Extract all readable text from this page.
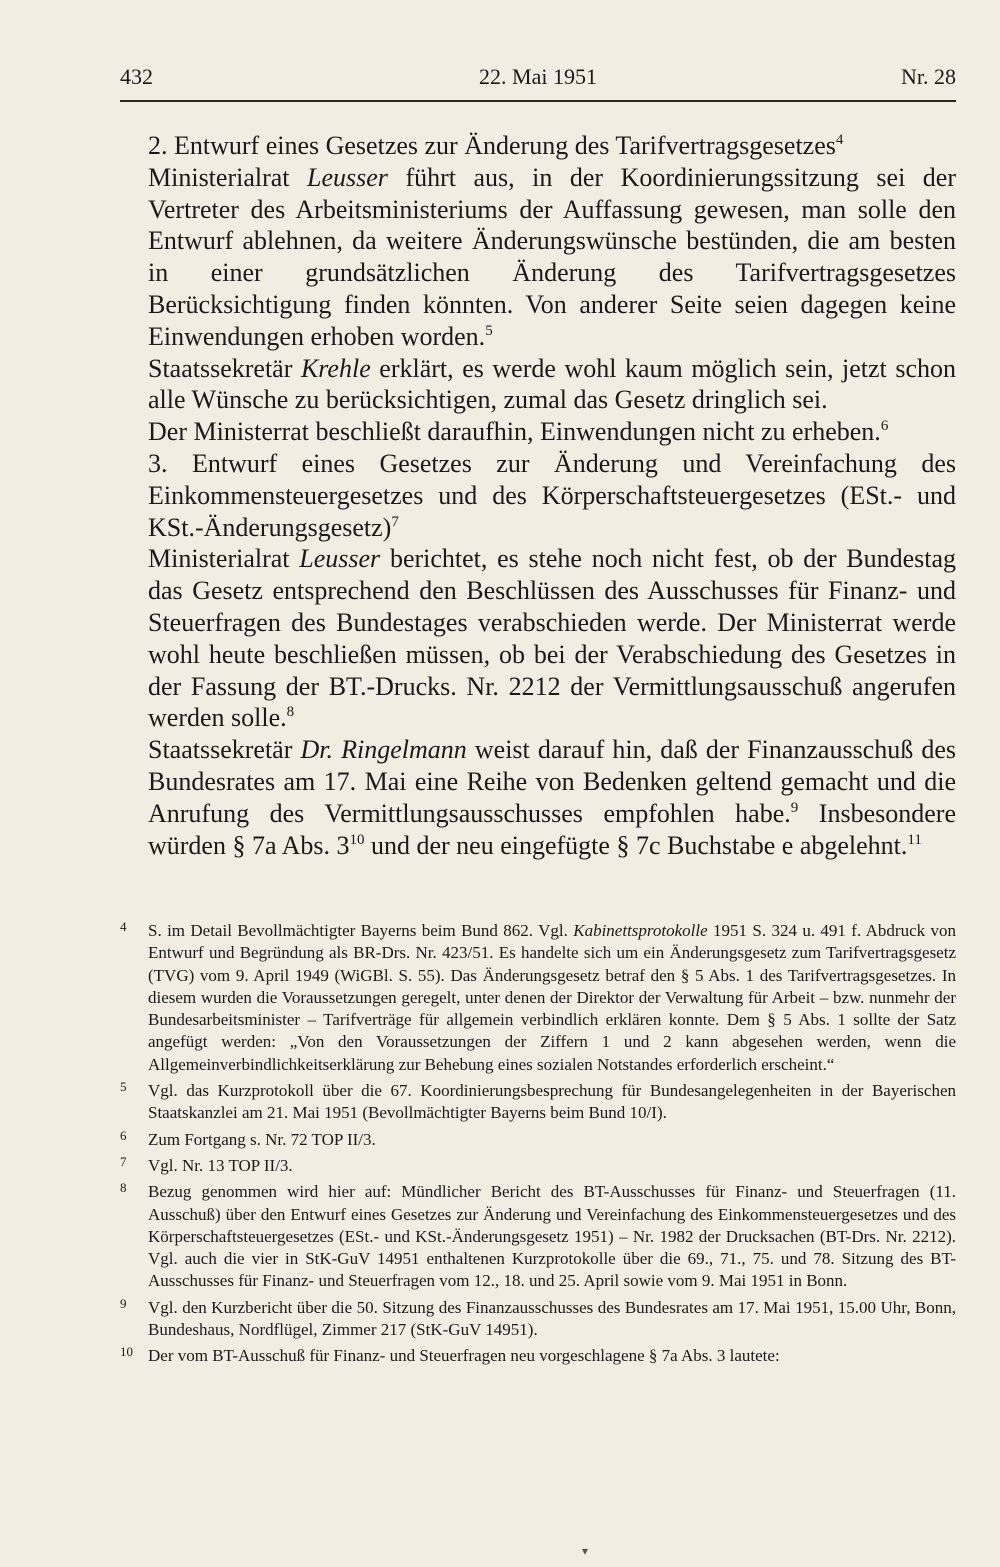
432	22. Mai 1951	Nr. 28

2. Entwurf eines Gesetzes zur Änderung des Tarifvertragsgesetzes$^4$

Ministerialrat Leusser führt aus, in der Koordinierungssitzung sei der Vertreter des Arbeitsministeriums der Auffassung gewesen, man solle den Entwurf ablehnen, da weitere Änderungswünsche bestünden, die am besten in einer grundsätzlichen Änderung des Tarifvertragsgesetzes Berücksichtigung finden könnten. Von anderer Seite seien dagegen keine Einwendungen erhoben worden.$^5$

Staatssekretär Krehle erklärt, es werde wohl kaum möglich sein, jetzt schon alle Wünsche zu berücksichtigen, zumal das Gesetz dringlich sei.

Der Ministerrat beschließt daraufhin, Einwendungen nicht zu erheben.$^6$

3. Entwurf eines Gesetzes zur Änderung und Vereinfachung des Einkommensteuergesetzes und des Körperschaftsteuergesetzes (ESt.- und KSt.-Änderungsgesetz)$^7$

Ministerialrat Leusser berichtet, es stehe noch nicht fest, ob der Bundestag das Gesetz entsprechend den Beschlüssen des Ausschusses für Finanz- und Steuerfragen des Bundestages verabschieden werde. Der Ministerrat werde wohl heute beschließen müssen, ob bei der Verabschiedung des Gesetzes in der Fassung der BT.-Drucks. Nr. 2212 der Vermittlungsausschuß angerufen werden solle.$^8$

Staatssekretär Dr. Ringelmann weist darauf hin, daß der Finanzausschuß des Bundesrates am 17. Mai eine Reihe von Bedenken geltend gemacht und die Anrufung des Vermittlungsausschusses empfohlen habe.$^9$ Insbesondere würden § 7a Abs. $3^{10}$ und der neu eingefügte § 7c Buchstabe e abgelehnt.$^{11}$

4 S. im Detail Bevollmächtigter Bayerns beim Bund 862. Vgl. Kabinettsprotokolle 1951 S. 324 u. 491 f. Abdruck von Entwurf und Begründung als BR-Drs. Nr. 423/51. Es handelte sich um ein Änderungsgesetz zum Tarifvertragsgesetz (TVG) vom 9. April 1949 (WiGBl. S. 55). Das Änderungsgesetz betraf den § 5 Abs. 1 des Tarifvertragsgesetzes. In diesem wurden die Voraussetzungen geregelt, unter denen der Direktor der Verwaltung für Arbeit – bzw. nunmehr der Bundesarbeitsminister – Tarifverträge für allgemein verbindlich erklären konnte. Dem § 5 Abs. 1 sollte der Satz angefügt werden: „Von den Voraussetzungen der Ziffern 1 und 2 kann abgesehen werden, wenn die Allgemeinverbindlichkeitserklärung zur Behebung eines sozialen Notstandes erforderlich erscheint.“
5 Vgl. das Kurzprotokoll über die 67. Koordinierungsbesprechung für Bundesangelegenheiten in der Bayerischen Staatskanzlei am 21. Mai 1951 (Bevollmächtigter Bayerns beim Bund 10/I).
6 Zum Fortgang s. Nr. 72 TOP II/3.
7 Vgl. Nr. 13 TOP II/3.
8 Bezug genommen wird hier auf: Mündlicher Bericht des BT-Ausschusses für Finanz- und Steuerfragen (11. Ausschuß) über den Entwurf eines Gesetzes zur Änderung und Vereinfachung des Einkommensteuergesetzes und des Körperschaftsteuergesetzes (ESt.- und KSt.-Änderungsgesetz 1951) – Nr. 1982 der Drucksachen (BT-Drs. Nr. 2212). Vgl. auch die vier in StK-GuV 14951 enthaltenen Kurzprotokolle über die 69., 71., 75. und 78. Sitzung des BT-Ausschusses für Finanz- und Steuerfragen vom 12., 18. und 25. April sowie vom 9. Mai 1951 in Bonn.
9 Vgl. den Kurzbericht über die 50. Sitzung des Finanzausschusses des Bundesrates am 17. Mai 1951, 15.00 Uhr, Bonn, Bundeshaus, Nordflügel, Zimmer 217 (StK-GuV 14951).
10 Der vom BT-Ausschuß für Finanz- und Steuerfragen neu vorgeschlagene § 7a Abs. 3 lautete:
▾
